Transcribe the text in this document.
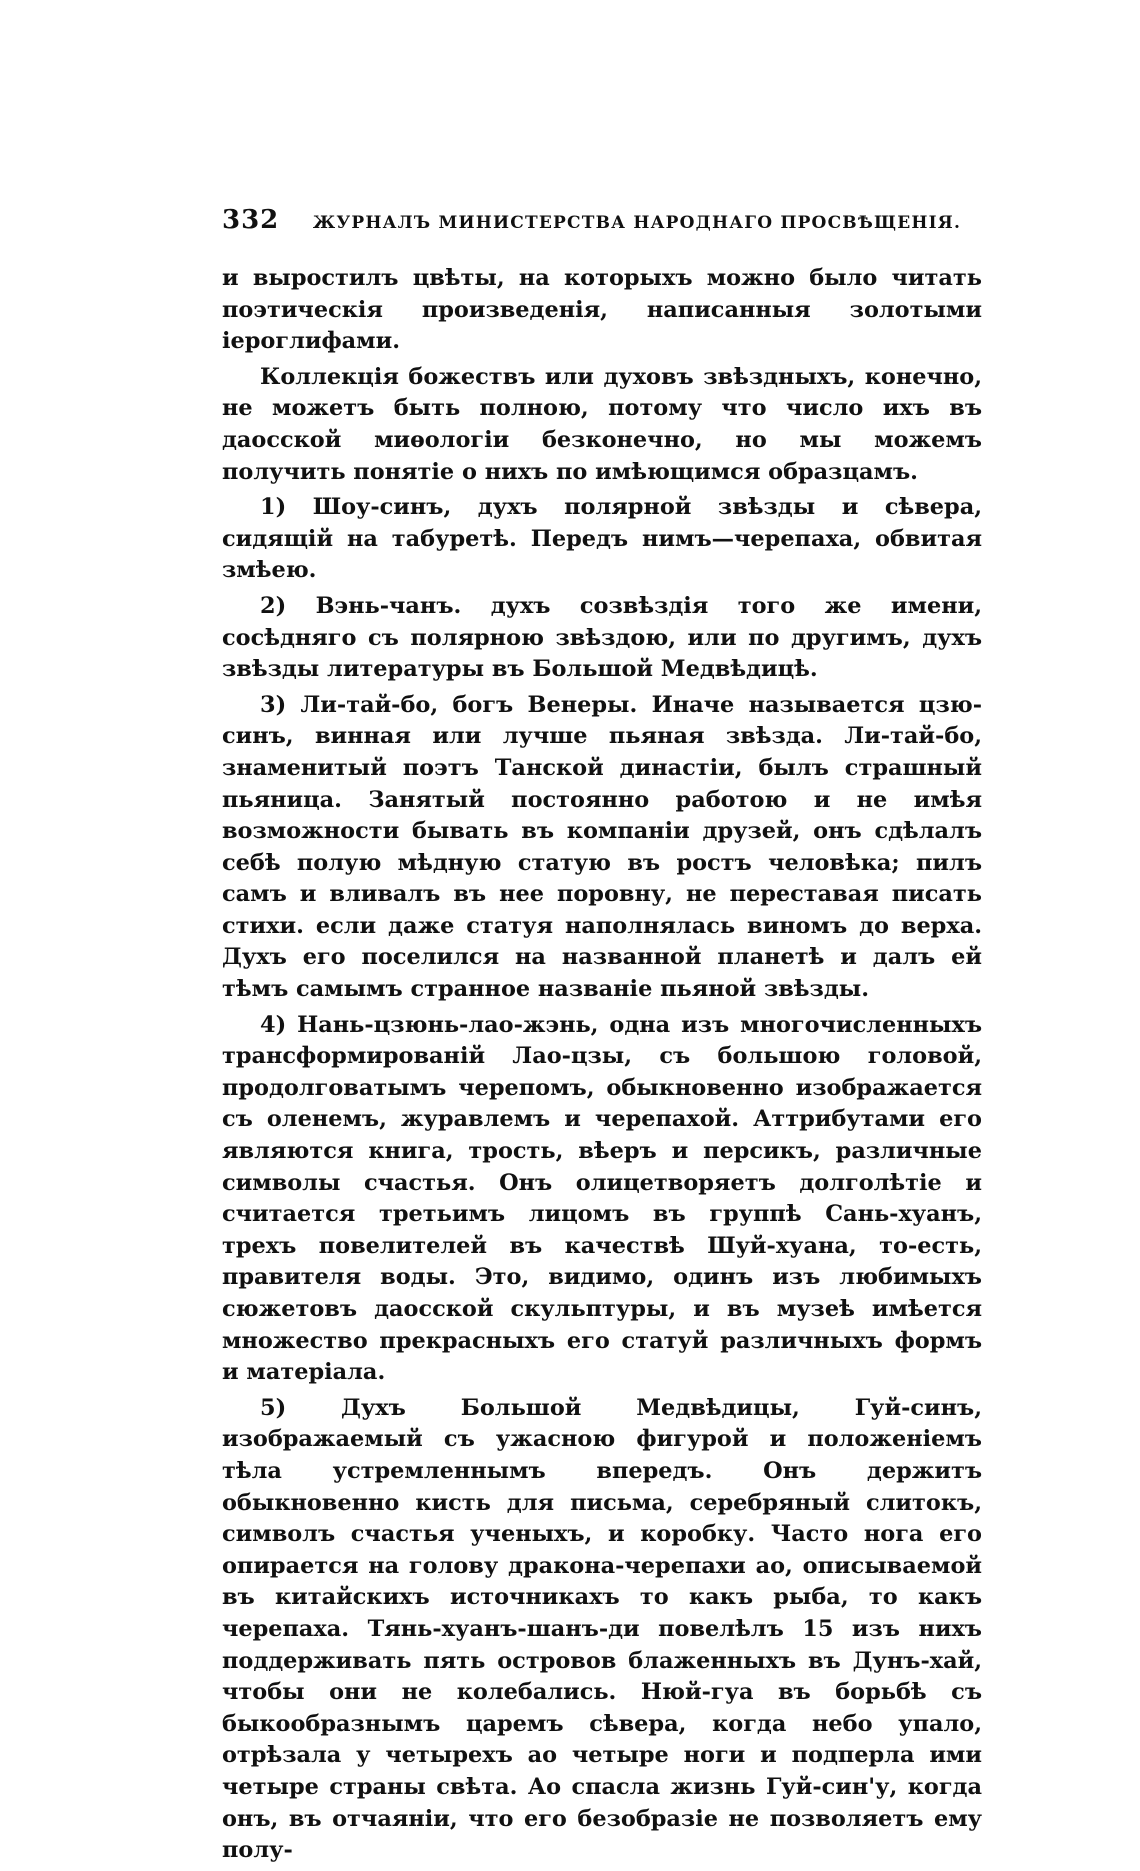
332	ЖУРНАЛЪ МИНИСТЕРСТВА НАРОДНАГО ПРОСВѢЩЕНІЯ.

и выростилъ цвѣты, на которыхъ можно было читать поэтическія произведенія, написанныя золотыми іероглифами.

Коллекція божествъ или духовъ звѣздныхъ, конечно, не можетъ быть полною, потому что число ихъ въ даосской миѳологіи безконечно, но мы можемъ получить понятіе о нихъ по имѣющимся образцамъ.

1) Шоу-синъ, духъ полярной звѣзды и сѣвера, сидящій на табуретѣ. Передъ нимъ—черепаха, обвитая змѣею.

2) Вэнь-чанъ. духъ созвѣздія того же имени, сосѣдняго съ полярною звѣздою, или по другимъ, духъ звѣзды литературы въ Большой Медвѣдицѣ.

3) Ли-тай-бо, богъ Венеры. Иначе называется цзю-синъ, винная или лучше пьяная звѣзда. Ли-тай-бо, знаменитый поэтъ Танской династіи, былъ страшный пьяница. Занятый постоянно работою и не имѣя возможности бывать въ компаніи друзей, онъ сдѣлалъ себѣ полую мѣдную статую въ ростъ человѣка; пилъ самъ и вливалъ въ нее поровну, не переставая писать стихи. если даже статуя наполнялась виномъ до верха. Духъ его поселился на названной планетѣ и далъ ей тѣмъ самымъ странное названіе пьяной звѣзды.

4) Нань-цзюнь-лао-жэнь, одна изъ многочисленныхъ трансформированій Лао-цзы, съ большою головой, продолговатымъ черепомъ, обыкновенно изображается съ оленемъ, журавлемъ и черепахой. Аттрибутами его являются книга, трость, вѣеръ и персикъ, различные символы счастья. Онъ олицетворяетъ долголѣтіе и считается третьимъ лицомъ въ группѣ Сань-хуанъ, трехъ повелителей въ качествѣ Шуй-хуана, то-есть, правителя воды. Это, видимо, одинъ изъ любимыхъ сюжетовъ даосской скульптуры, и въ музеѣ имѣется множество прекрасныхъ его статуй различныхъ формъ и матеріала.

5) Духъ Большой Медвѣдицы, Гуй-синъ, изображаемый съ ужасною фигурой и положеніемъ тѣла устремленнымъ впередъ. Онъ держитъ обыкновенно кисть для письма, серебряный слитокъ, символъ счастья ученыхъ, и коробку. Часто нога его опирается на голову дракона-черепахи ао, описываемой въ китайскихъ источникахъ то какъ рыба, то какъ черепаха. Тянь-хуанъ-шанъ-ди повелѣлъ 15 изъ нихъ поддерживать пять островов блаженныхъ въ Дунъ-хай, чтобы они не колебались. Нюй-гуа въ борьбѣ съ быкообразнымъ царемъ сѣвера, когда небо упало, отрѣзала у четырехъ ао четыре ноги и подперла ими четыре страны свѣта. Ао спасла жизнь Гуй-син'у, когда онъ, въ отчаяніи, что его безобразіе не позволяетъ ему полу-
